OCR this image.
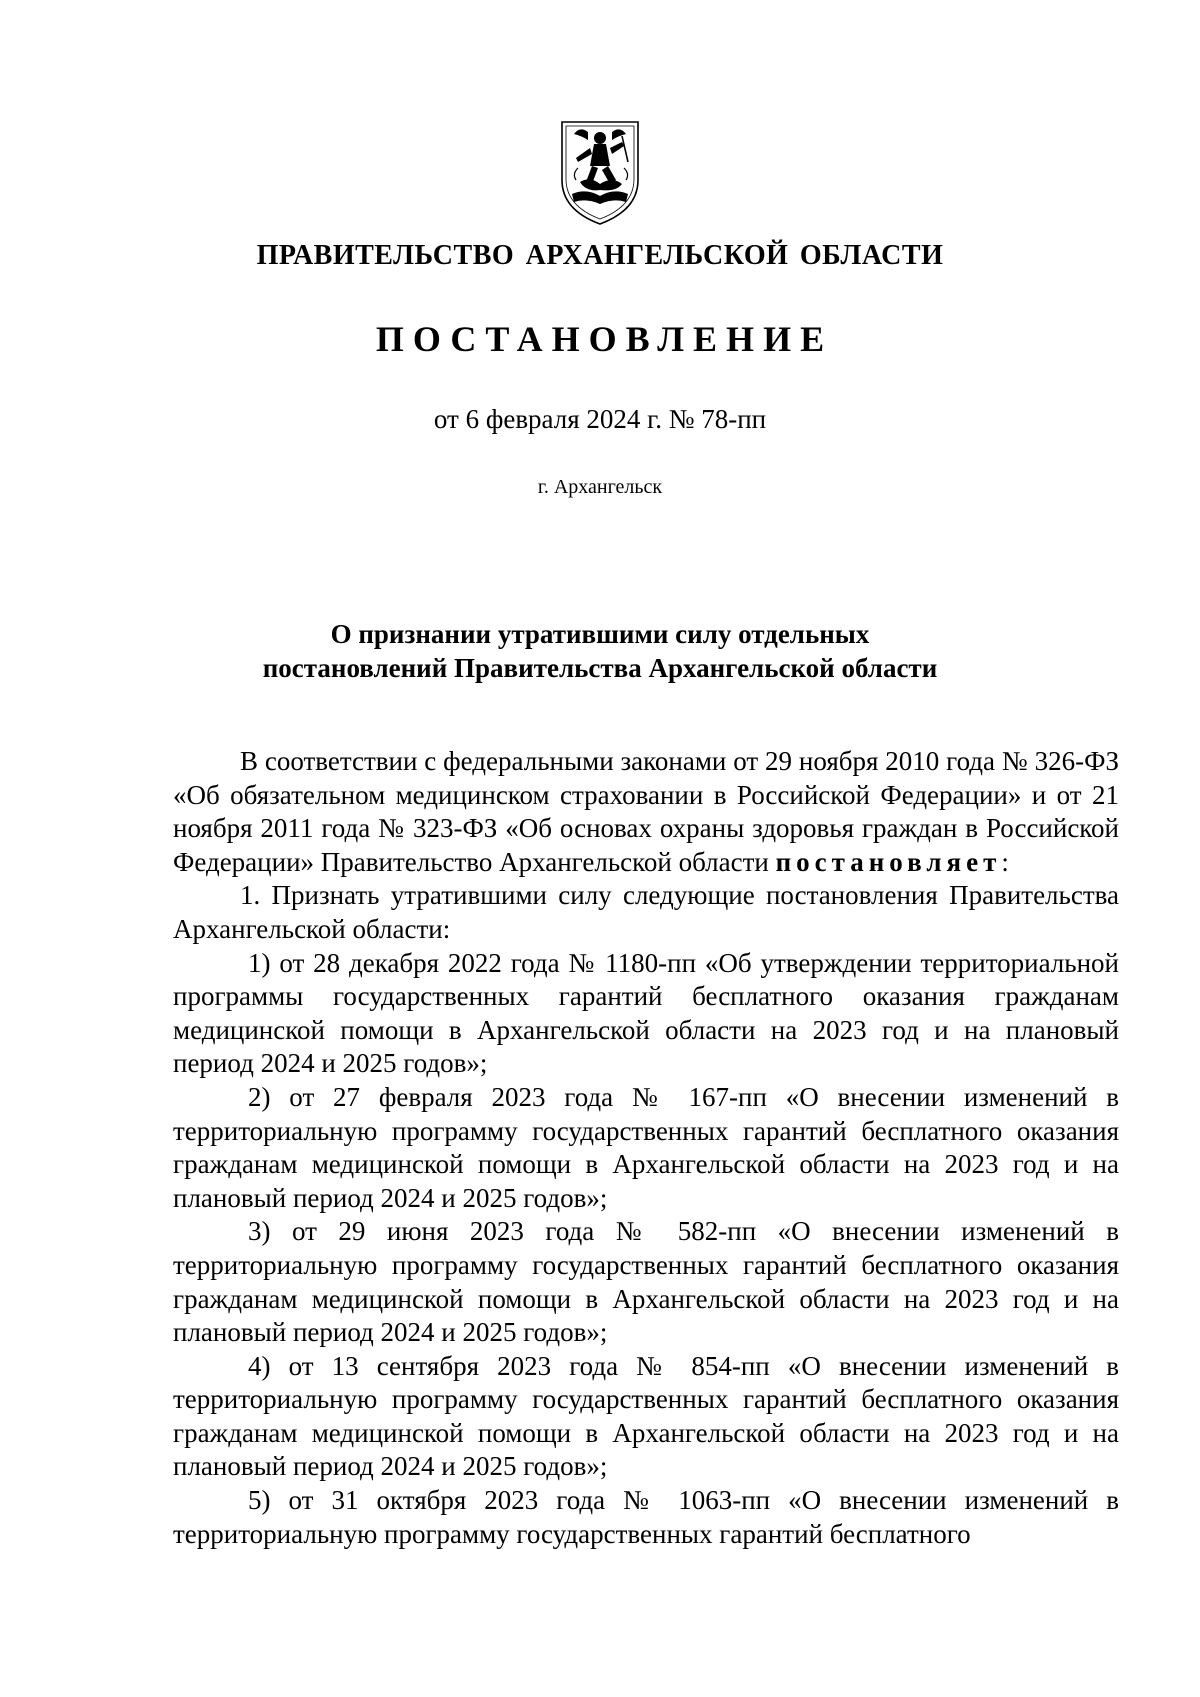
ПРАВИТЕЛЬСТВО АРХАНГЕЛЬСКОЙ ОБЛАСТИ
ПОСТАНОВЛЕНИЕ
от 6 февраля 2024 г. № 78-пп
г. Архангельск
О признании утратившими силу отдельных
постановлений Правительства Архангельской области

В соответствии с федеральными законами от 29 ноября 2010 года № 326-ФЗ «Об обязательном медицинском страховании в Российской Федерации» и от 21 ноября 2011 года № 323-ФЗ «Об основах охраны здоровья граждан в Российской Федерации» Правительство Архангельской области постановляет:

1. Признать утратившими силу следующие постановления Правительства Архангельской области:

1) от 28 декабря 2022 года № 1180-пп «Об утверждении территориальной программы государственных гарантий бесплатного оказания гражданам медицинской помощи в Архангельской области на 2023 год и на плановый период 2024 и 2025 годов»;

2) от 27 февраля 2023 года № 167-пп «О внесении изменений в территориальную программу государственных гарантий бесплатного оказания гражданам медицинской помощи в Архангельской области на 2023 год и на плановый период 2024 и 2025 годов»;

3) от 29 июня 2023 года № 582-пп «О внесении изменений в территориальную программу государственных гарантий бесплатного оказания гражданам медицинской помощи в Архангельской области на 2023 год и на плановый период 2024 и 2025 годов»;

4) от 13 сентября 2023 года № 854-пп «О внесении изменений в территориальную программу государственных гарантий бесплатного оказания гражданам медицинской помощи в Архангельской области на 2023 год и на плановый период 2024 и 2025 годов»;

5) от 31 октября 2023 года № 1063-пп «О внесении изменений в территориальную программу государственных гарантий бесплатного
